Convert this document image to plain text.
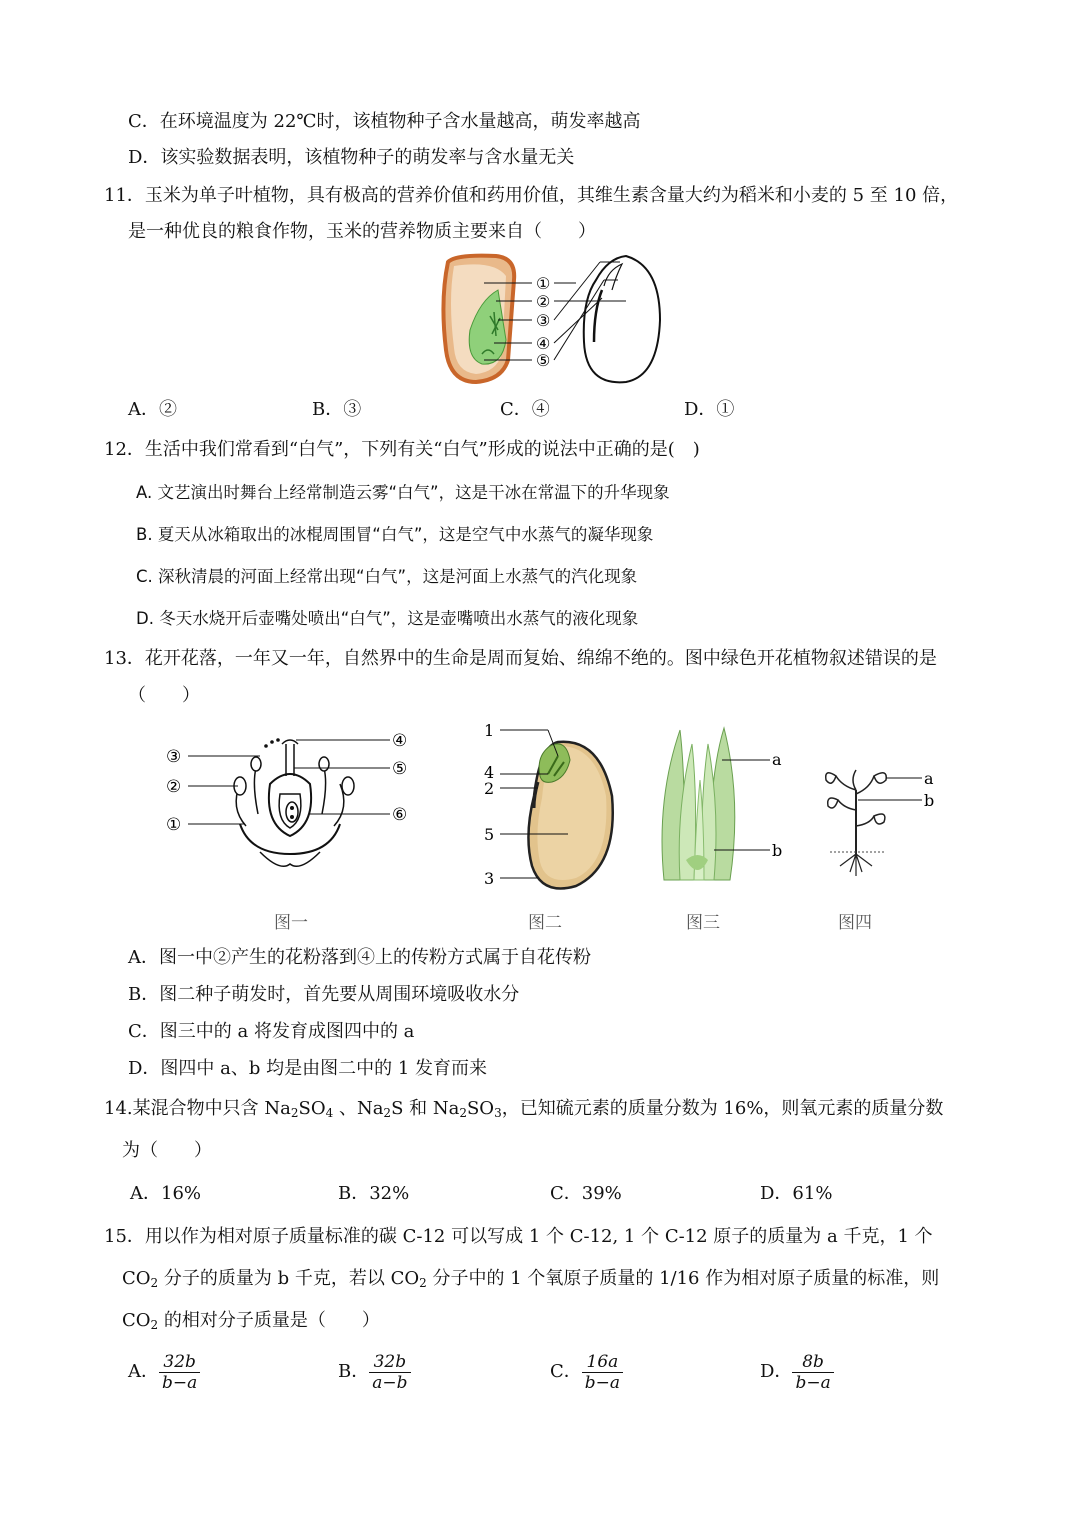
C．在环境温度为 22℃时，该植物种子含水量越高，萌发率越高
D．该实验数据表明，该植物种子的萌发率与含水量无关
11．玉米为单子叶植物，具有极高的营养价值和药用价值，其维生素含量大约为稻米和小麦的 5 至 10 倍，
是一种优良的粮食作物，玉米的营养物质主要来自（　　）
①
②
③
④
⑤
A．②	B．③	C．④	D．①
12．生活中我们常看到“白气”，下列有关“白气”形成的说法中正确的是(　)
A. 文艺演出时舞台上经常制造云雾“白气”，这是干冰在常温下的升华现象
B. 夏天从冰箱取出的冰棍周围冒“白气”，这是空气中水蒸气的凝华现象
C. 深秋清晨的河面上经常出现“白气”，这是河面上水蒸气的汽化现象
D. 冬天水烧开后壶嘴处喷出“白气”，这是壶嘴喷出水蒸气的液化现象
13．花开花落，一年又一年，自然界中的生命是周而复始、绵绵不绝的。图中绿色开花植物叙述错误的是
（　　）
③
②
①
④
⑤
⑥
1
4
2
5
3
a
b
a
b
图一	图二	图三	图四
A．图一中②产生的花粉落到④上的传粉方式属于自花传粉
B．图二种子萌发时，首先要从周围环境吸收水分
C．图三中的 a 将发育成图四中的 a
D．图四中 a、b 均是由图二中的 1 发育而来
14.某混合物中只含 $Na_2SO_4$ 、$Na_2S$ 和 $Na_2SO_3$，已知硫元素的质量分数为 16%，则氧元素的质量分数
为（　　）
A．16%	B．32%	C．39%	D．61%
15．用以作为相对原子质量标准的碳 C-12 可以写成 1 个 C-12, 1 个 C-12 原子的质量为 a 千克，1 个
$CO_2$ 分子的质量为 b 千克，若以 $CO_2$ 分子中的 1 个氧原子质量的 1/16 作为相对原子质量的标准，则
$CO_2$ 的相对分子质量是（　　）
A． $\frac{32b}{b-a}$	B． $\frac{32b}{a-b}$	C． $\frac{16a}{b-a}$	D． $\frac{8b}{b-a}$
